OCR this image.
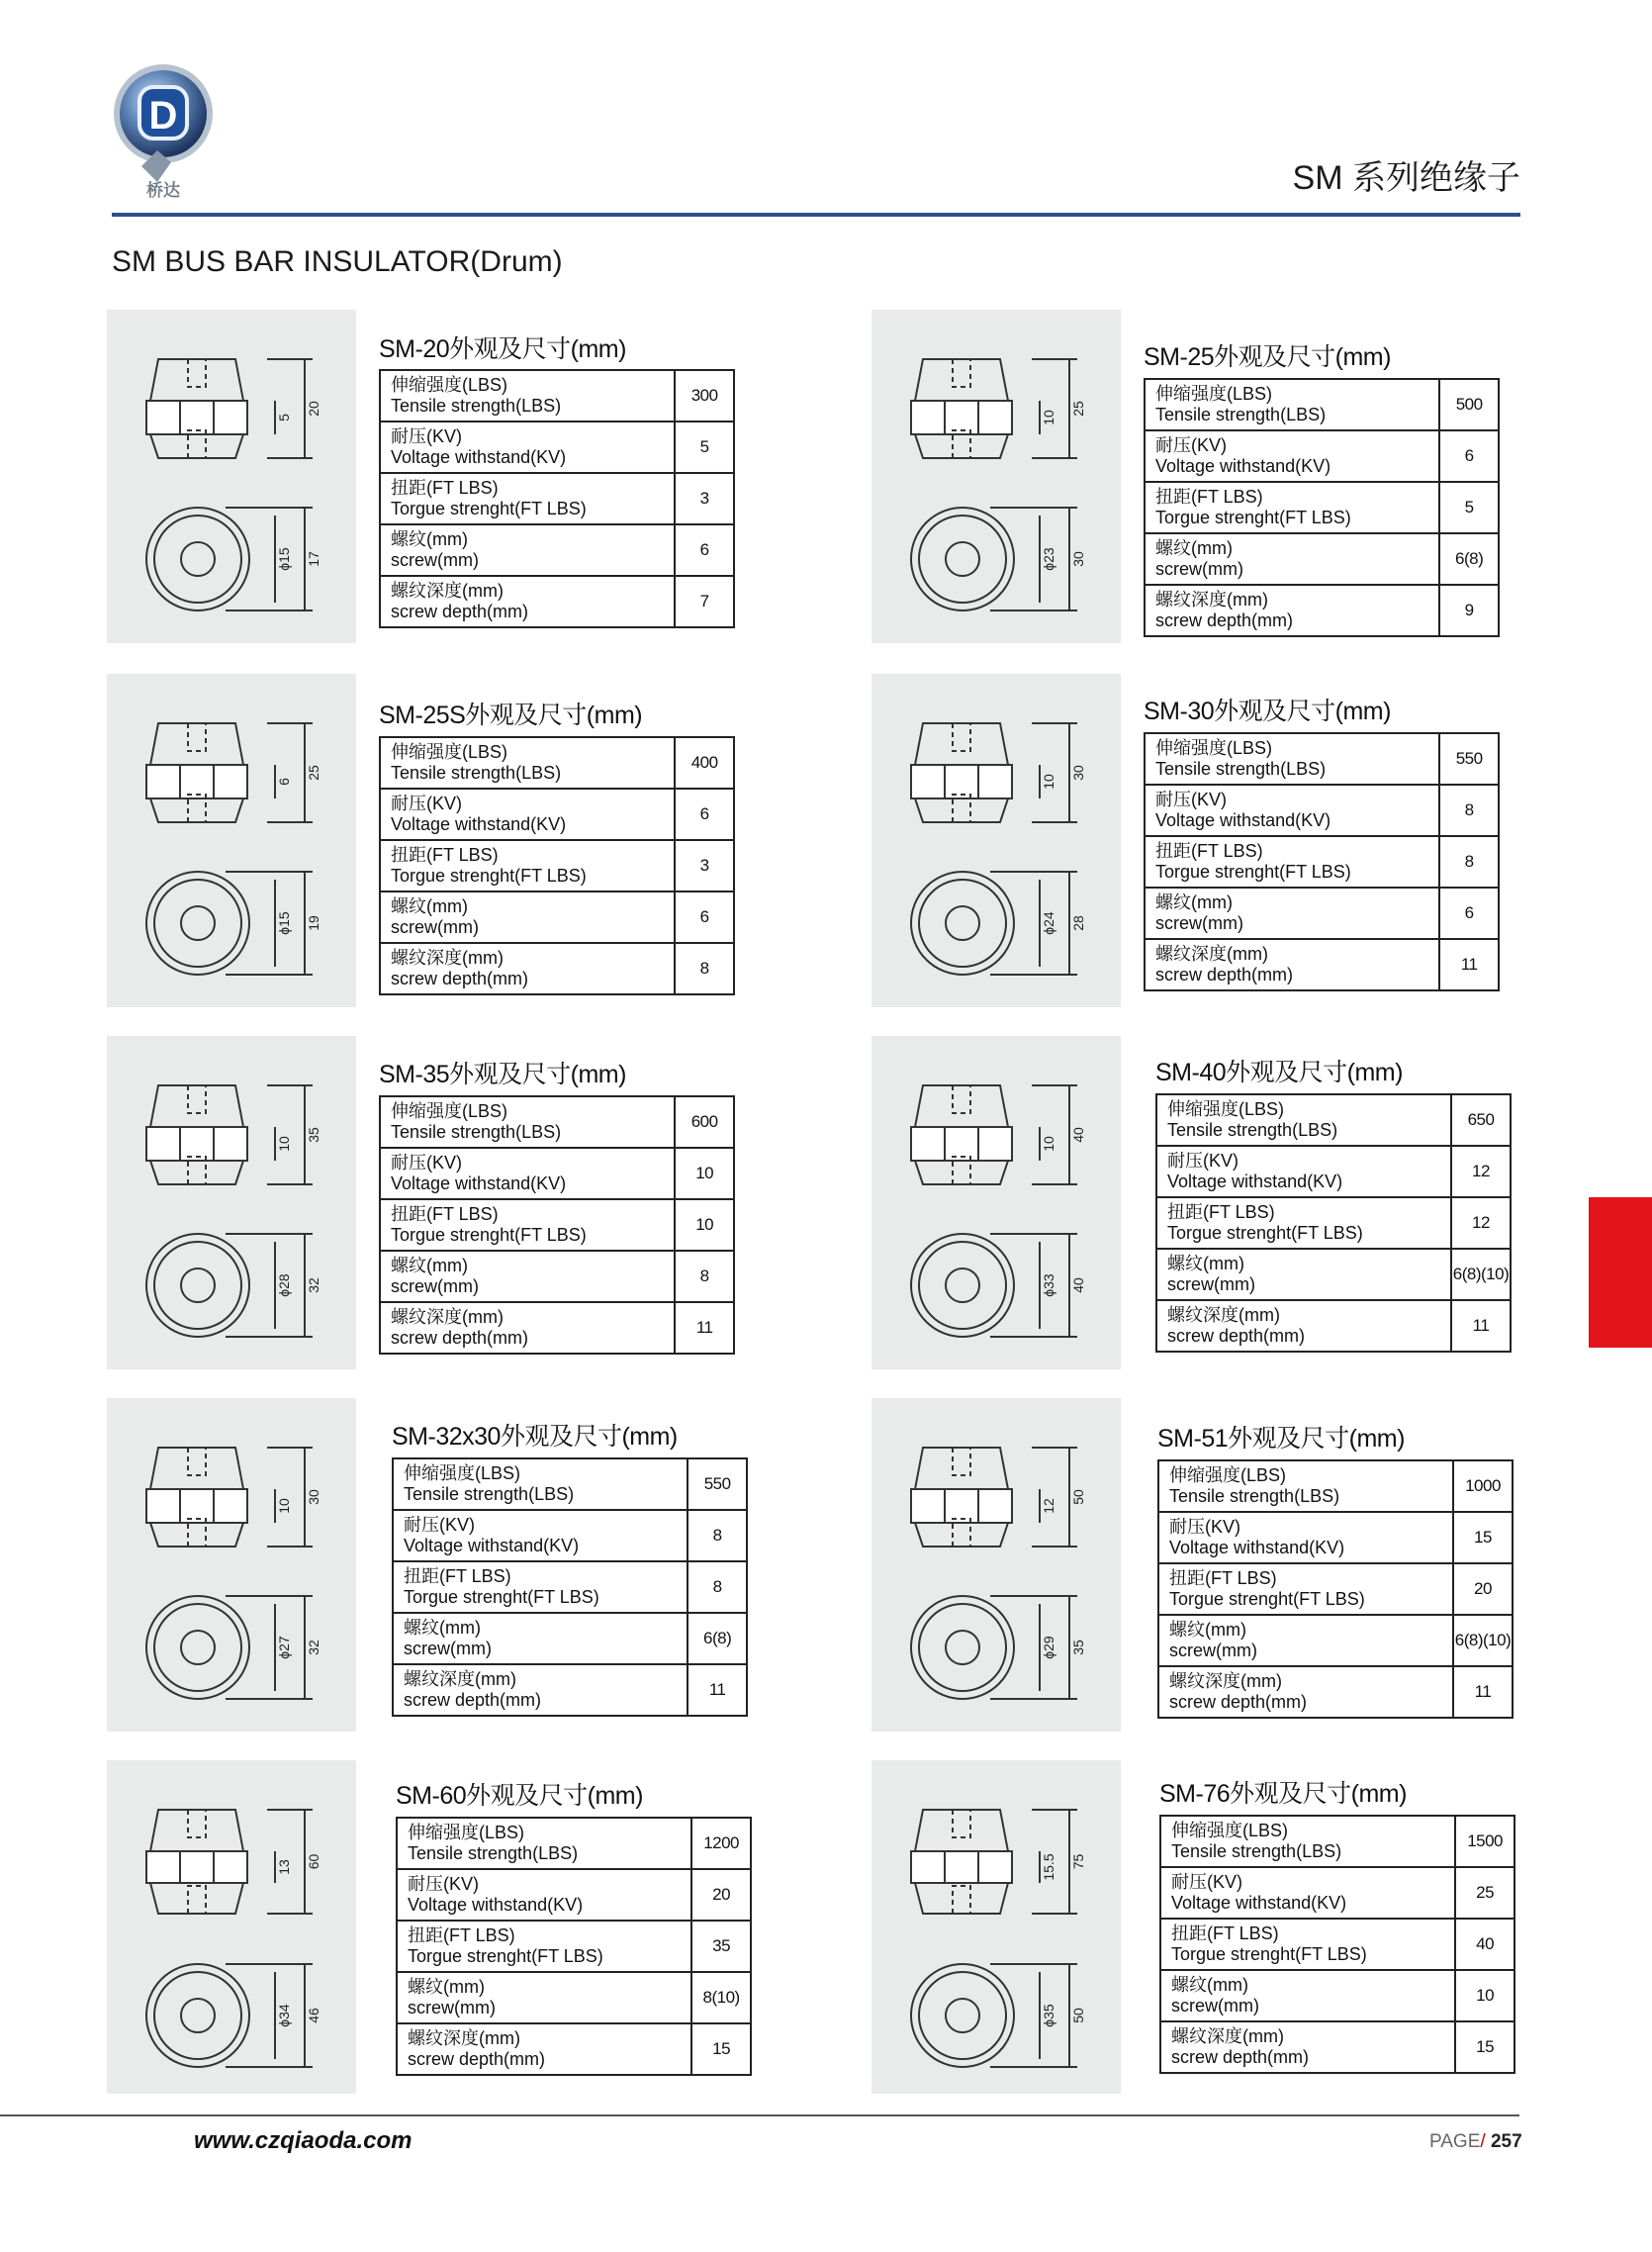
D
桥达	SM 系列绝缘子
SM BUS BAR INSULATOR(Drum)
5
20
ϕ15 17
SM-20外观及尺寸(mm)
伸缩强度(LBS)
Tensile strength(LBS)	300

耐压(KV)
Voltage withstand(KV)	5

扭距(FT LBS)
Torgue strenght(FT LBS)	3

螺纹(mm)
screw(mm)	6

螺纹深度(mm)
screw depth(mm)	7
10
25
ϕ23 30
SM-25外观及尺寸(mm)
伸缩强度(LBS)
Tensile strength(LBS)	500

耐压(KV)
Voltage withstand(KV)	6

扭距(FT LBS)
Torgue strenght(FT LBS)	5

螺纹(mm)
screw(mm)	6(8)

螺纹深度(mm)
screw depth(mm)	9
6
25
ϕ15 19
SM-25S外观及尺寸(mm)
伸缩强度(LBS)
Tensile strength(LBS)	400

耐压(KV)
Voltage withstand(KV)	6

扭距(FT LBS)
Torgue strenght(FT LBS)	3

螺纹(mm)
screw(mm)	6

螺纹深度(mm)
screw depth(mm)	8
10
30
ϕ24 28
SM-30外观及尺寸(mm)
伸缩强度(LBS)
Tensile strength(LBS)	550

耐压(KV)
Voltage withstand(KV)	8

扭距(FT LBS)
Torgue strenght(FT LBS)	8

螺纹(mm)
screw(mm)	6

螺纹深度(mm)
screw depth(mm)	11
10
35
ϕ28 32
SM-35外观及尺寸(mm)
伸缩强度(LBS)
Tensile strength(LBS)	600

耐压(KV)
Voltage withstand(KV)	10

扭距(FT LBS)
Torgue strenght(FT LBS)	10

螺纹(mm)
screw(mm)	8

螺纹深度(mm)
screw depth(mm)	11
10
40
ϕ33 40
SM-40外观及尺寸(mm)
伸缩强度(LBS)
Tensile strength(LBS)	650

耐压(KV)
Voltage withstand(KV)	12

扭距(FT LBS)
Torgue strenght(FT LBS)	12

螺纹(mm)
screw(mm)	6(8)(10)

螺纹深度(mm)
screw depth(mm)	11
10
30
ϕ27 32
SM-32x30外观及尺寸(mm)
伸缩强度(LBS)
Tensile strength(LBS)	550

耐压(KV)
Voltage withstand(KV)	8

扭距(FT LBS)
Torgue strenght(FT LBS)	8

螺纹(mm)
screw(mm)	6(8)

螺纹深度(mm)
screw depth(mm)	11
12
50
ϕ29 35
SM-51外观及尺寸(mm)
伸缩强度(LBS)
Tensile strength(LBS)	1000

耐压(KV)
Voltage withstand(KV)	15

扭距(FT LBS)
Torgue strenght(FT LBS)	20

螺纹(mm)
screw(mm)	6(8)(10)

螺纹深度(mm)
screw depth(mm)	11
13 60
ϕ34 46
SM-60外观及尺寸(mm)
伸缩强度(LBS)
Tensile strength(LBS)	1200

耐压(KV)
Voltage withstand(KV)	20

扭距(FT LBS)
Torgue strenght(FT LBS)	35

螺纹(mm)
screw(mm)	8(10)

螺纹深度(mm)
screw depth(mm)	15
15.5 75
ϕ35 50
SM-76外观及尺寸(mm)
伸缩强度(LBS)
Tensile strength(LBS)	1500

耐压(KV)
Voltage withstand(KV)	25

扭距(FT LBS)
Torgue strenght(FT LBS)	40

螺纹(mm)
screw(mm)	10

螺纹深度(mm)
screw depth(mm)	15
www.czqiaoda.com	PAGE/ 257
